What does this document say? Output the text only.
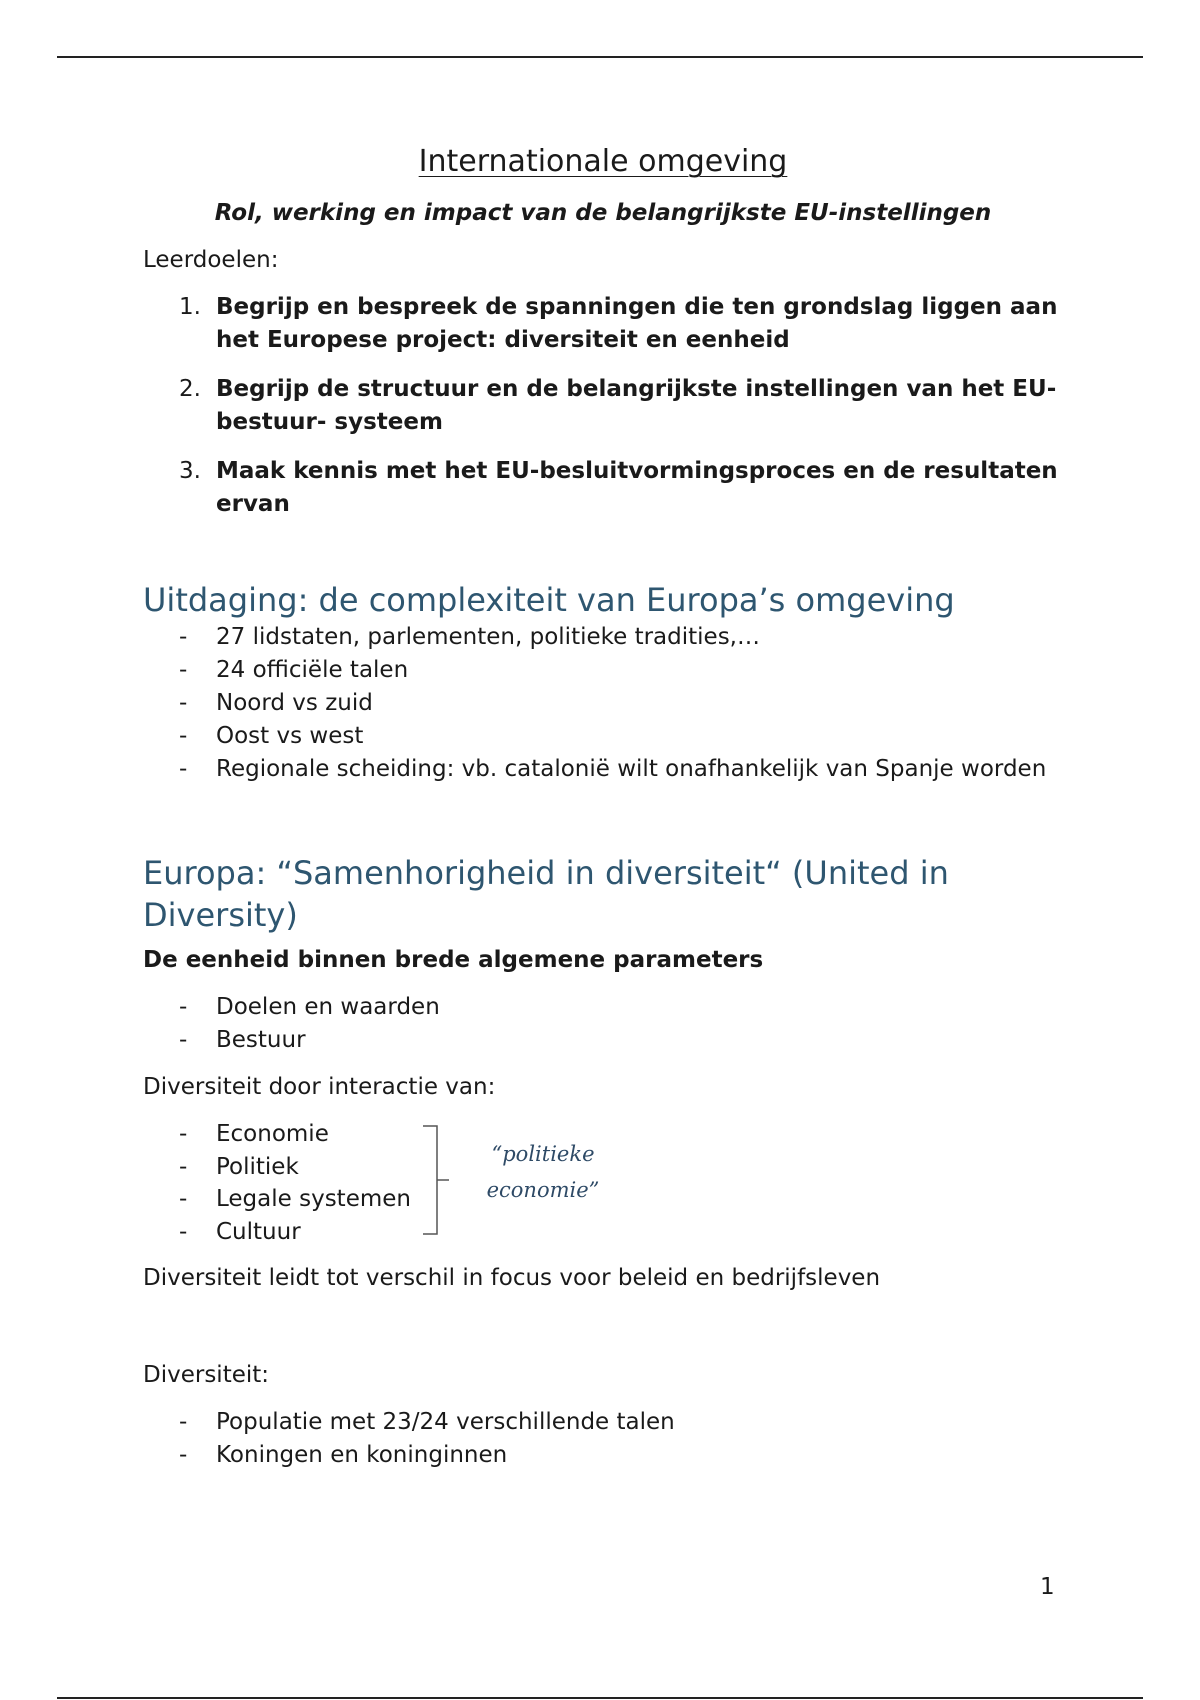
Internationale omgeving

Rol, werking en impact van de belangrijkste EU-instellingen

Leerdoelen:

1. Begrijp en bespreek de spanningen die ten grondslag liggen aan het Europese project: diversiteit en eenheid
2. Begrijp de structuur en de belangrijkste instellingen van het EU-bestuur- systeem
3. Maak kennis met het EU-besluitvormingsproces en de resultaten ervan
Uitdaging: de complexiteit van Europa’s omgeving
- 27 lidstaten, parlementen, politieke tradities,…
- 24 officiële talen
- Noord vs zuid
- Oost vs west
- Regionale scheiding: vb. catalonië wilt onafhankelijk van Spanje worden
Europa: “Samenhorigheid in diversiteit“ (United in Diversity)

De eenheid binnen brede algemene parameters

- Doelen en waarden
- Bestuur

Diversiteit door interactie van:

- Economie
- Politiek
- Legale systemen
- Cultuur
“politieke
economie”

Diversiteit leidt tot verschil in focus voor beleid en bedrijfsleven

Diversiteit:

- Populatie met 23/24 verschillende talen
- Koningen en koninginnen
1
